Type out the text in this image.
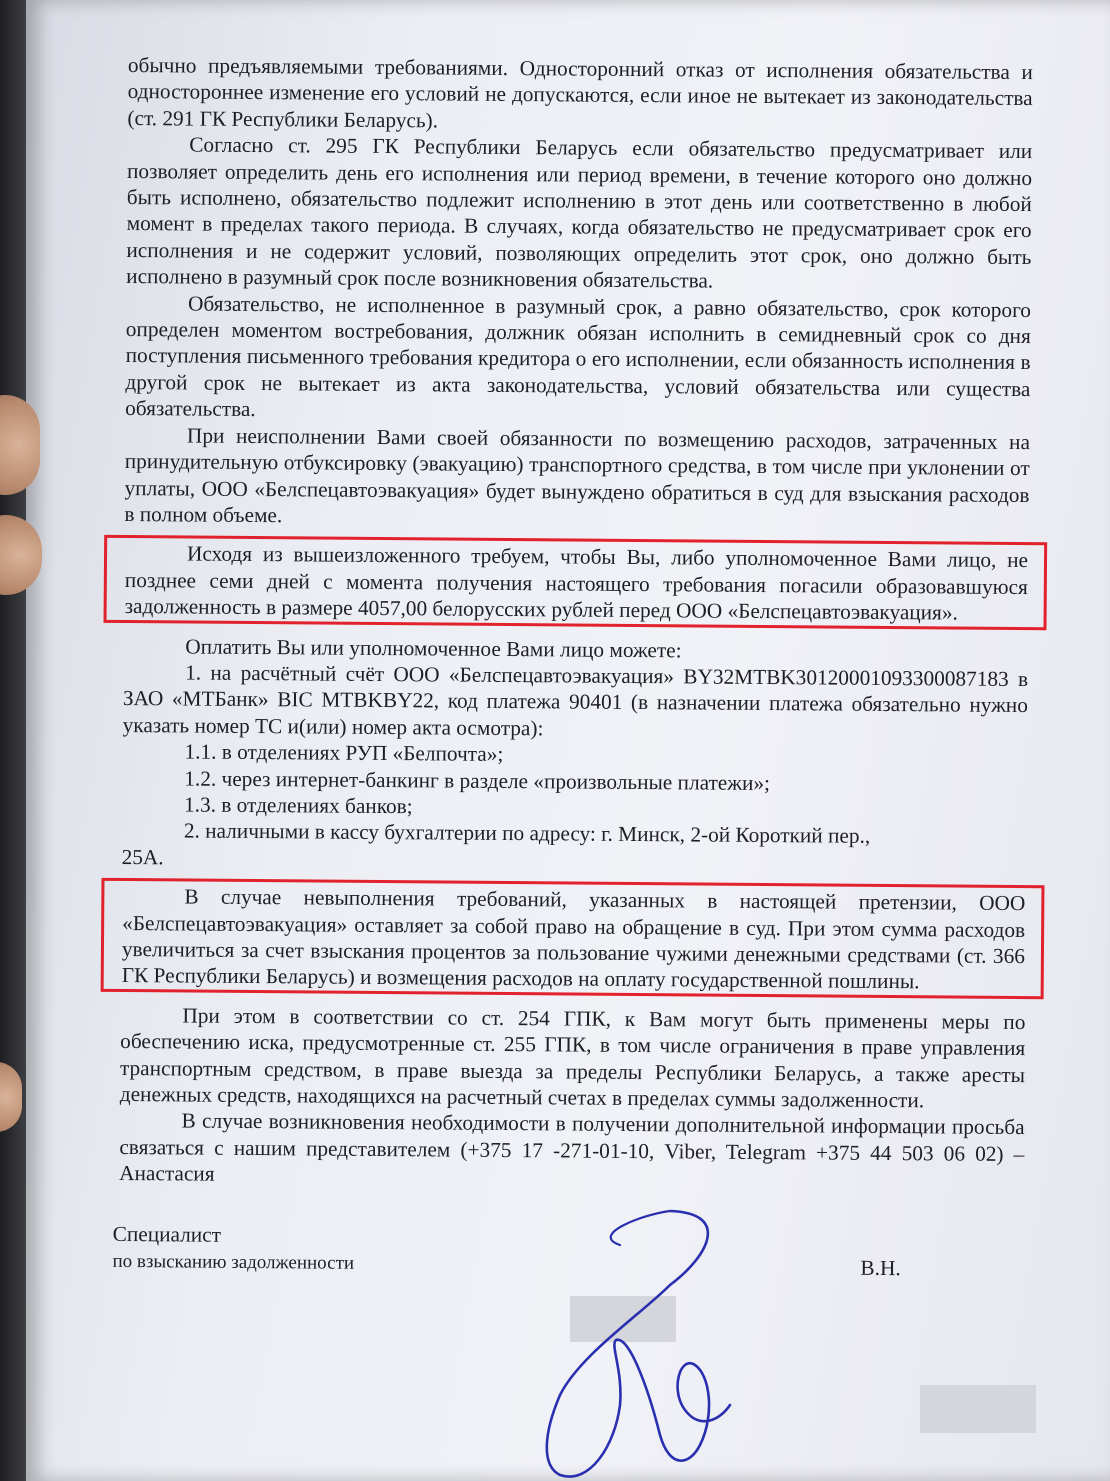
обычно предъявляемыми требованиями. Односторонний отказ от исполнения обязательства и одностороннее изменение его условий не допускаются, если иное не вытекает из законодательства (ст. 291 ГК Республики Беларусь).

Согласно ст. 295 ГК Республики Беларусь если обязательство предусматривает или позволяет определить день его исполнения или период времени, в течение которого оно должно быть исполнено, обязательство подлежит исполнению в этот день или соответственно в любой момент в пределах такого периода. В случаях, когда обязательство не предусматривает срок его исполнения и не содержит условий, позволяющих определить этот срок, оно должно быть исполнено в разумный срок после возникновения обязательства.

Обязательство, не исполненное в разумный срок, а равно обязательство, срок которого определен моментом востребования, должник обязан исполнить в семидневный срок со дня поступления письменного требования кредитора о его исполнении, если обязанность исполнения в другой срок не вытекает из акта законодательства, условий обязательства или существа обязательства.

При неисполнении Вами своей обязанности по возмещению расходов, затраченных на принудительную отбуксировку (эвакуацию) транспортного средства, в том числе при уклонении от уплаты, ООО «Белспецавтоэвакуация» будет вынуждено обратиться в суд для взыскания расходов в полном объеме.

Исходя из вышеизложенного требуем, чтобы Вы, либо уполномоченное Вами лицо, не позднее семи дней с момента получения настоящего требования погасили образовавшуюся задолженность в размере 4057,00 белорусских рублей перед ООО «Белспецавтоэвакуация».

Оплатить Вы или уполномоченное Вами лицо можете:

1. на расчётный счёт ООО «Белспецавтоэвакуация» BY32MTBK30120001093300087183 в ЗАО «МТБанк» BIC MTBKBY22, код платежа 90401 (в назначении платежа обязательно нужно указать номер ТС и(или) номер акта осмотра):

1.1. в отделениях РУП «Белпочта»;

1.2. через интернет-банкинг в разделе «произвольные платежи»;

1.3. в отделениях банков;

2. наличными в кассу бухгалтерии по адресу: г. Минск, 2-ой Короткий пер.,

25А.

В случае невыполнения требований, указанных в настоящей претензии, ООО «Белспецавтоэвакуация» оставляет за собой право на обращение в суд. При этом сумма расходов увеличиться за счет взыскания процентов за пользование чужими денежными средствами (ст. 366 ГК Республики Беларусь) и возмещения расходов на оплату государственной пошлины.

При этом в соответствии со ст. 254 ГПК, к Вам могут быть применены меры по обеспечению иска, предусмотренные ст. 255 ГПК, в том числе ограничения в праве управления транспортным средством, в праве выезда за пределы Республики Беларусь, а также аресты денежных средств, находящихся на расчетный счетах в пределах суммы задолженности.

В случае возникновения необходимости в получении дополнительной информации просьба связаться с нашим представителем (+375 17 -271-01-10, Viber, Telegram +375 44 503 06 02) – Анастасия

Специалист
по взысканию задолженности	В.Н.
